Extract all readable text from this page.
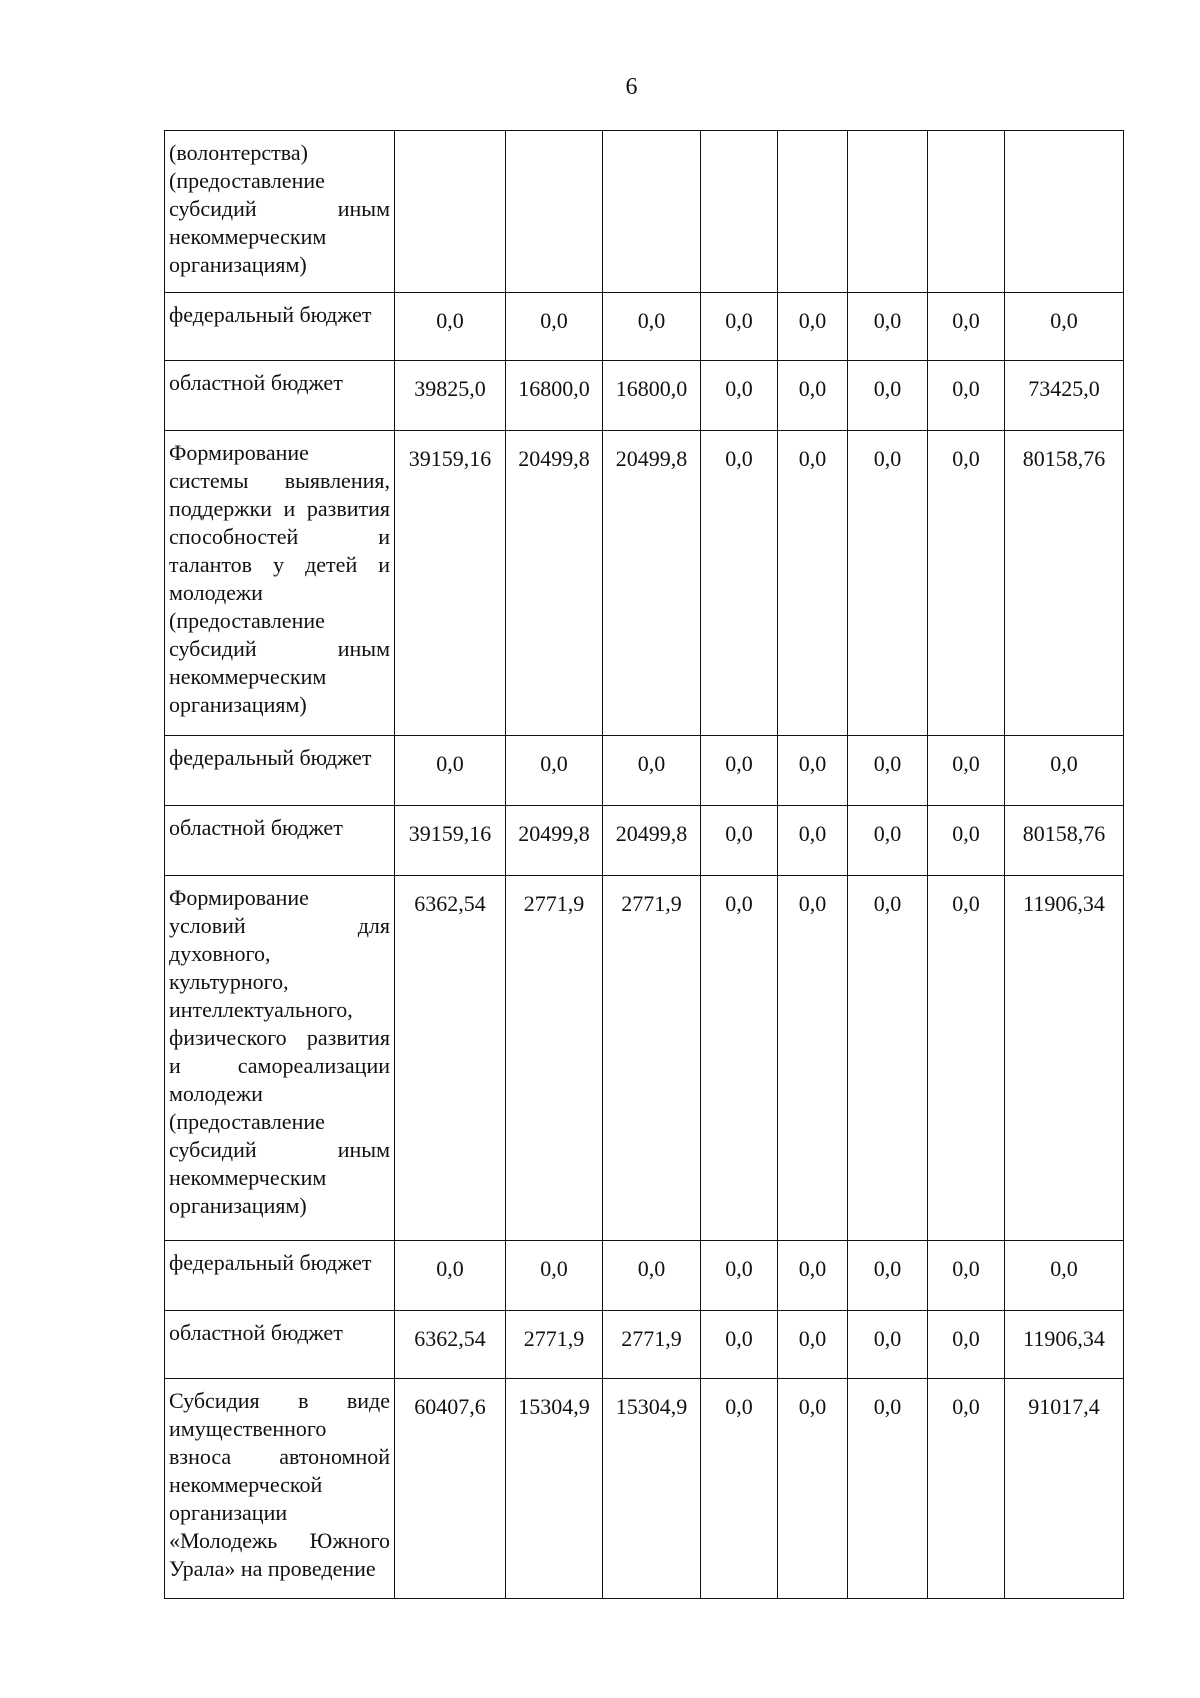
6
(волонтерства) (предоставление субсидий иным некоммерческим организациям)								

федеральный бюджет	0,0	0,0	0,0	0,0	0,0	0,0	0,0	0,0

областной бюджет	39825,0	16800,0	16800,0	0,0	0,0	0,0	0,0	73425,0

Формирование системы выявления, поддержки и развития способностей и талантов у детей и молодежи (предоставление субсидий иным некоммерческим организациям)	39159,16	20499,8	20499,8	0,0	0,0	0,0	0,0	80158,76

федеральный бюджет	0,0	0,0	0,0	0,0	0,0	0,0	0,0	0,0

областной бюджет	39159,16	20499,8	20499,8	0,0	0,0	0,0	0,0	80158,76

Формирование условий для духовного, культурного, интеллектуального, физического развития и самореализации молодежи (предоставление субсидий иным некоммерческим организациям)	6362,54	2771,9	2771,9	0,0	0,0	0,0	0,0	11906,34

федеральный бюджет	0,0	0,0	0,0	0,0	0,0	0,0	0,0	0,0

областной бюджет	6362,54	2771,9	2771,9	0,0	0,0	0,0	0,0	11906,34

Субсидия в виде имущественного взноса автономной некоммерческой организации «Молодежь Южного Урала» на проведение	60407,6	15304,9	15304,9	0,0	0,0	0,0	0,0	91017,4
